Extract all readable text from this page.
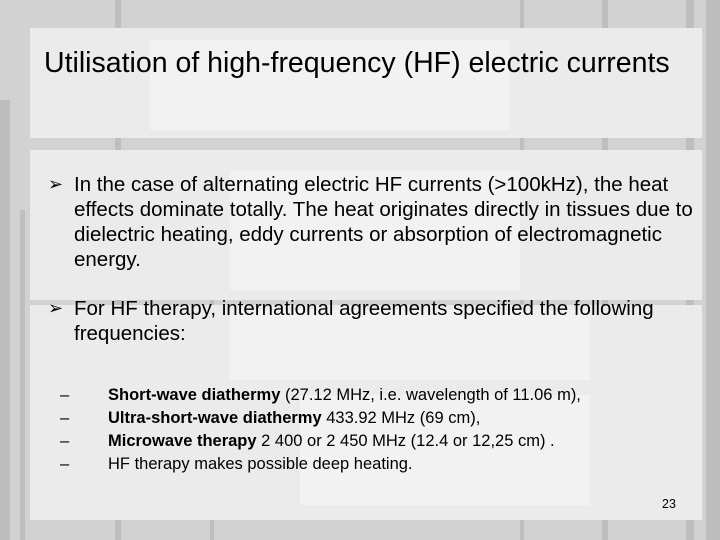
Utilisation of high-frequency (HF) electric currents
➢ In the case of alternating electric HF currents (>100kHz), the heat effects dominate totally. The heat originates directly in tissues due to dielectric heating, eddy currents or absorption of electromagnetic energy.
➢ For HF therapy, international agreements specified the following frequencies:
– Short-wave diathermy (27.12 MHz, i.e. wavelength of 11.06 m),
– Ultra-short-wave diathermy 433.92 MHz (69 cm),
– Microwave therapy 2 400 or 2 450 MHz (12.4 or 12,25 cm) .
– HF therapy makes possible deep heating.
23
